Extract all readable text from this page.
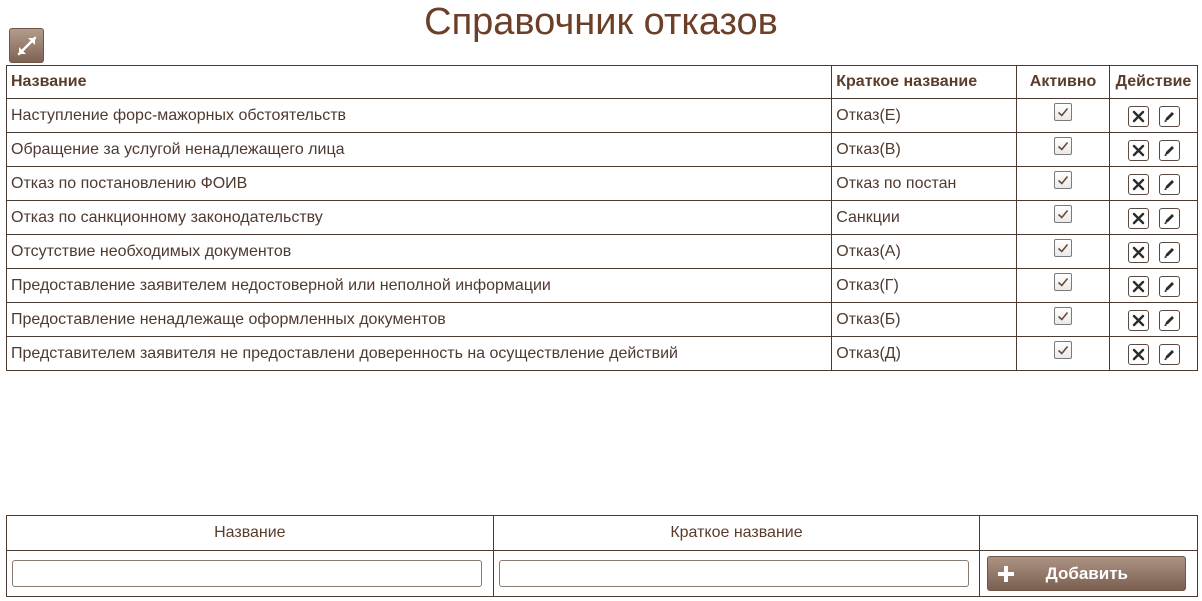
Справочник отказов
Название	Краткое название	Активно	Действие
Наступление форс-мажорных обстоятельств	Отказ(Е)	

Обращение за услугой ненадлежащего лица	Отказ(В)	

Отказ по постановлению ФОИВ	Отказ по постан	

Отказ по санкционному законодательству	Санкции	

Отсутствие необходимых документов	Отказ(А)	

Предоставление заявителем недостоверной или неполной информации	Отказ(Г)	

Предоставление ненадлежаще оформленных документов	Отказ(Б)	

Представителем заявителя не предоставлени доверенность на осуществление действий	Отказ(Д)	

Название	Краткое название	

Добавить
